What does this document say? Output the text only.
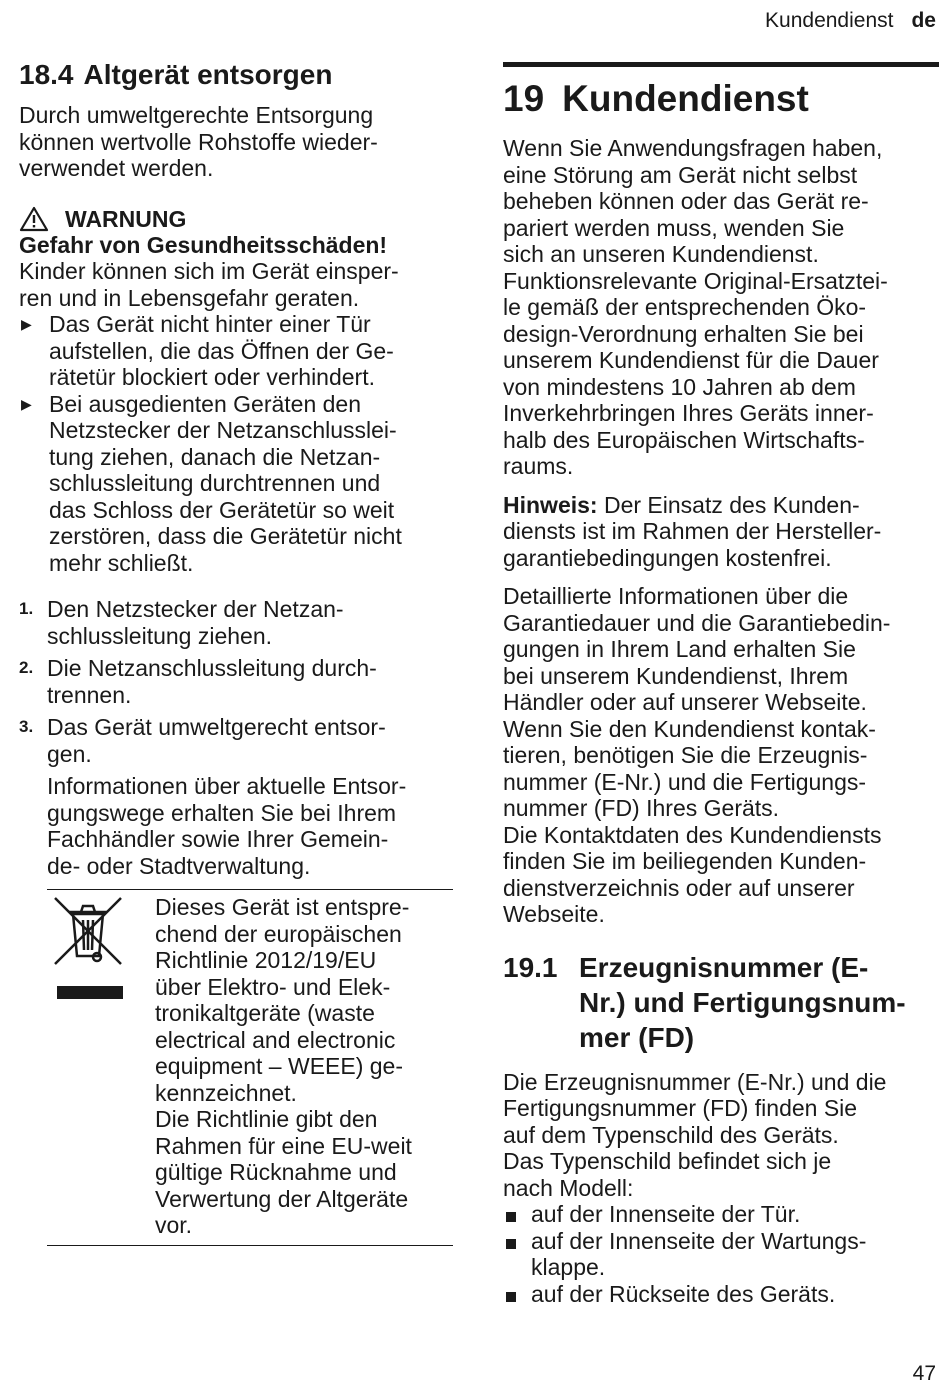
Kundendienst de
18.4 Altgerät entsorgen

Durch umweltgerechte Entsorgung
können wertvolle Rohstoffe wieder-
verwendet werden.

WARNUNG
Gefahr von Gesundheitsschäden!

Kinder können sich im Gerät einsper-
ren und in Lebensgefahr geraten.

▶ Das Gerät nicht hinter einer Tür
aufstellen, die das Öffnen der Ge-
rätetür blockiert oder verhindert.
▶ Bei ausgedienten Geräten den
Netzstecker der Netzanschlusslei-
tung ziehen, danach die Netzan-
schlussleitung durchtrennen und
das Schloss der Gerätetür so weit
zerstören, dass die Gerätetür nicht
mehr schließt.
1. Den Netzstecker der Netzan-
schlussleitung ziehen.
2. Die Netzanschlussleitung durch-
trennen.
3. Das Gerät umweltgerecht entsor-
gen.

Informationen über aktuelle Entsor-
gungswege erhalten Sie bei Ihrem
Fachhändler sowie Ihrer Gemein-
de- oder Stadtverwaltung.

Dieses Gerät ist entspre-
chend der europäischen
Richtlinie 2012/19/EU
über Elektro- und Elek-
tronikaltgeräte (waste
electrical and electronic
equipment – WEEE) ge-
kennzeichnet.
Die Richtlinie gibt den
Rahmen für eine EU-weit
gültige Rücknahme und
Verwertung der Altgeräte
vor.
19 Kundendienst

Wenn Sie Anwendungsfragen haben,
eine Störung am Gerät nicht selbst
beheben können oder das Gerät re-
pariert werden muss, wenden Sie
sich an unseren Kundendienst.
Funktionsrelevante Original-Ersatztei-
le gemäß der entsprechenden Öko-
design-Verordnung erhalten Sie bei
unserem Kundendienst für die Dauer
von mindestens 10 Jahren ab dem
Inverkehrbringen Ihres Geräts inner-
halb des Europäischen Wirtschafts-
raums.

Hinweis: Der Einsatz des Kunden-
diensts ist im Rahmen der Hersteller-
garantiebedingungen kostenfrei.

Detaillierte Informationen über die
Garantiedauer und die Garantiebedin-
gungen in Ihrem Land erhalten Sie
bei unserem Kundendienst, Ihrem
Händler oder auf unserer Webseite.
Wenn Sie den Kundendienst kontak-
tieren, benötigen Sie die Erzeugnis-
nummer (E-Nr.) und die Fertigungs-
nummer (FD) Ihres Geräts.
Die Kontaktdaten des Kundendiensts
finden Sie im beiliegenden Kunden-
dienstverzeichnis oder auf unserer
Webseite.

19.1 Erzeugnisnummer (E-
Nr.) und Fertigungsnum-
mer (FD)

Die Erzeugnisnummer (E-Nr.) und die
Fertigungsnummer (FD) finden Sie
auf dem Typenschild des Geräts.
Das Typenschild befindet sich je
nach Modell:

auf der Innenseite der Tür.
auf der Innenseite der Wartungs-
klappe.
auf der Rückseite des Geräts.
47
